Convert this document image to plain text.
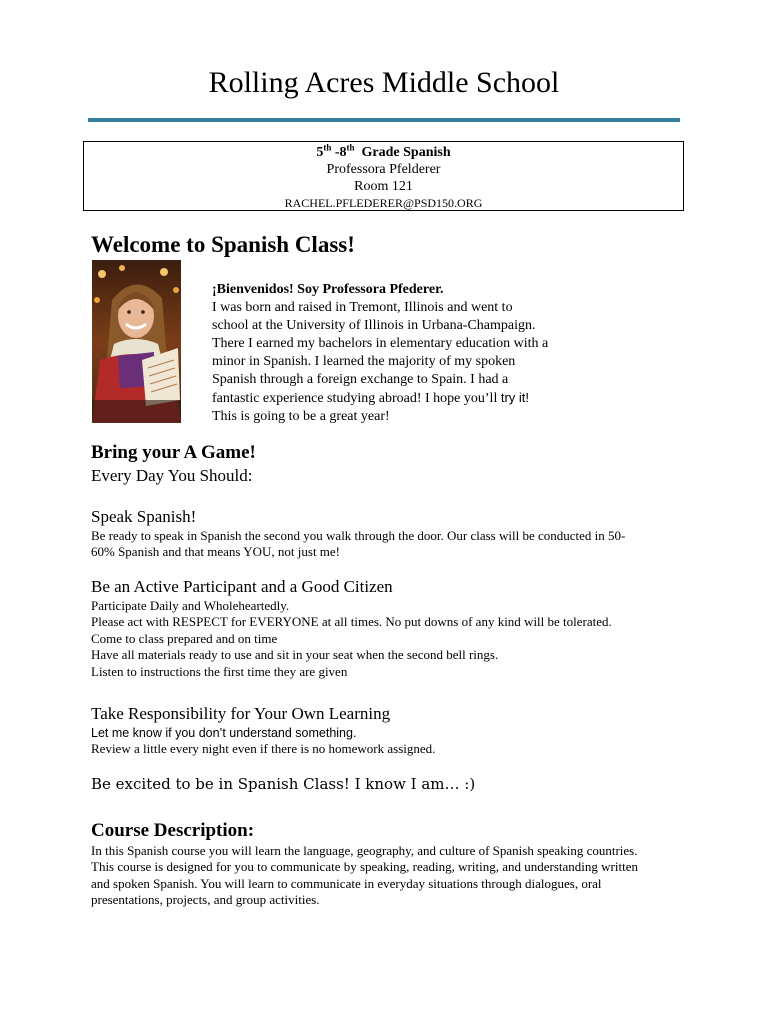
Rolling Acres Middle School
5th -8th  Grade Spanish
Professora Pfelderer
Room 121
RACHEL.PFLEDERER@PSD150.ORG
Welcome to Spanish Class!
¡Bienvenidos! Soy Professora Pfederer.
I was born and raised in Tremont, Illinois and went to
school at the University of Illinois in Urbana-Champaign.
There I earned my bachelors in elementary education with a
minor in Spanish. I learned the majority of my spoken
Spanish through a foreign exchange to Spain. I had a
fantastic experience studying abroad! I hope you’ll try it!
This is going to be a great year!
Bring your A Game!
Every Day You Should:
Speak Spanish!
Be ready to speak in Spanish the second you walk through the door. Our class will be conducted in 50-
60% Spanish and that means YOU, not just me!
Be an Active Participant and a Good Citizen
Participate Daily and Wholeheartedly.
Please act with RESPECT for EVERYONE at all times. No put downs of any kind will be tolerated.
Come to class prepared and on time
Have all materials ready to use and sit in your seat when the second bell rings.
Listen to instructions the first time they are given
Take Responsibility for Your Own Learning
Let me know if you don’t understand something.
Review a little every night even if there is no homework assigned.
Be excited to be in Spanish Class! I know I am… :)
Course Description:
In this Spanish course you will learn the language, geography, and culture of Spanish speaking countries.
This course is designed for you to communicate by speaking, reading, writing, and understanding written
and spoken Spanish. You will learn to communicate in everyday situations through dialogues, oral
presentations, projects, and group activities.
